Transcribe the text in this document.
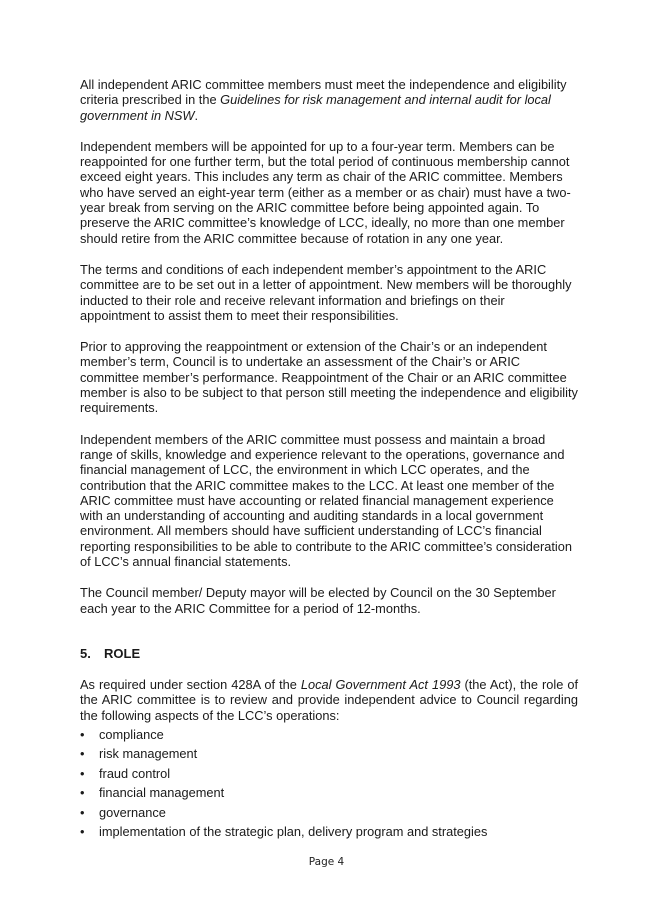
All independent ARIC committee members must meet the independence and eligibility criteria prescribed in the Guidelines for risk management and internal audit for local government in NSW.

Independent members will be appointed for up to a four-year term. Members can be reappointed for one further term, but the total period of continuous membership cannot exceed eight years. This includes any term as chair of the ARIC committee. Members who have served an eight-year term (either as a member or as chair) must have a two-year break from serving on the ARIC committee before being appointed again. To preserve the ARIC committee’s knowledge of LCC, ideally, no more than one member should retire from the ARIC committee because of rotation in any one year.

The terms and conditions of each independent member’s appointment to the ARIC committee are to be set out in a letter of appointment. New members will be thoroughly inducted to their role and receive relevant information and briefings on their appointment to assist them to meet their responsibilities.

Prior to approving the reappointment or extension of the Chair’s or an independent member’s term, Council is to undertake an assessment of the Chair’s or ARIC committee member’s performance. Reappointment of the Chair or an ARIC committee member is also to be subject to that person still meeting the independence and eligibility requirements.

Independent members of the ARIC committee must possess and maintain a broad range of skills, knowledge and experience relevant to the operations, governance and financial management of LCC, the environment in which LCC operates, and the contribution that the ARIC committee makes to the LCC. At least one member of the ARIC committee must have accounting or related financial management experience with an understanding of accounting and auditing standards in a local government environment. All members should have sufficient understanding of LCC’s financial reporting responsibilities to be able to contribute to the ARIC committee’s consideration of LCC’s annual financial statements.

The Council member/ Deputy mayor will be elected by Council on the 30 September each year to the ARIC Committee for a period of 12-months.

5. ROLE

As required under section 428A of the Local Government Act 1993 (the Act), the role of the ARIC committee is to review and provide independent advice to Council regarding the following aspects of the LCC’s operations:

• compliance
• risk management
• fraud control
• financial management
• governance
• implementation of the strategic plan, delivery program and strategies
Page 4
